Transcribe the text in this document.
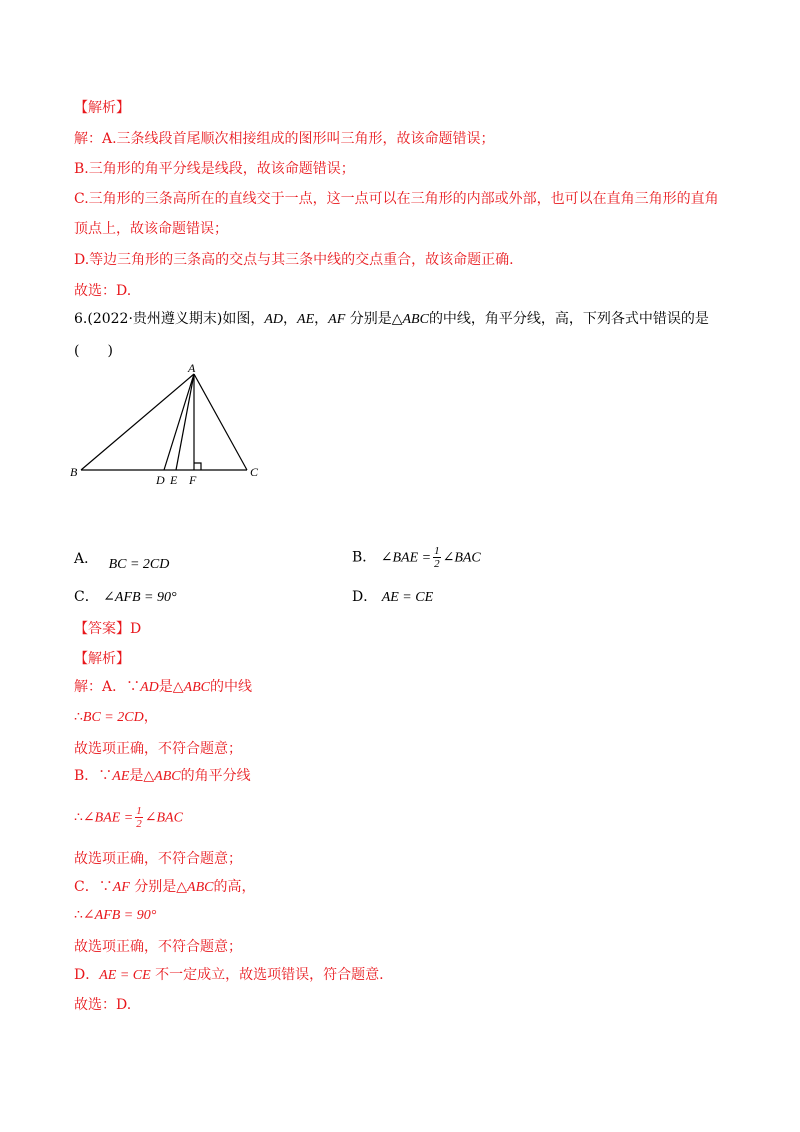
【解析】
解：A.三条线段首尾顺次相接组成的图形叫三角形，故该命题错误；
B.三角形的角平分线是线段，故该命题错误；
C.三角形的三条高所在的直线交于一点，这一点可以在三角形的内部或外部，也可以在直角三角形的直角
顶点上，故该命题错误；
D.等边三角形的三条高的交点与其三条中线的交点重合，故该命题正确.
故选：D.
6.(2022·贵州遵义期末)如图，AD，AE，AF 分别是△ABC的中线，角平分线，高，下列各式中错误的是
(　　)
A
B	C
D E F
A． BC = 2CD	B． ∠BAE = $\frac{1}{2}$ ∠BAC
C． ∠AFB = 90°	D． AE = CE
【答案】D
【解析】
解：A．∵AD是△ABC的中线
∴BC = 2CD，
故选项正确，不符合题意；
B．∵AE是△ABC的角平分线
∴∠BAE = $\frac{1}{2}$ ∠BAC
故选项正确，不符合题意；
C．∵AF 分别是△ABC的高，
∴∠AFB = 90°
故选项正确，不符合题意；
D．AE = CE 不一定成立，故选项错误，符合题意.
故选：D.
